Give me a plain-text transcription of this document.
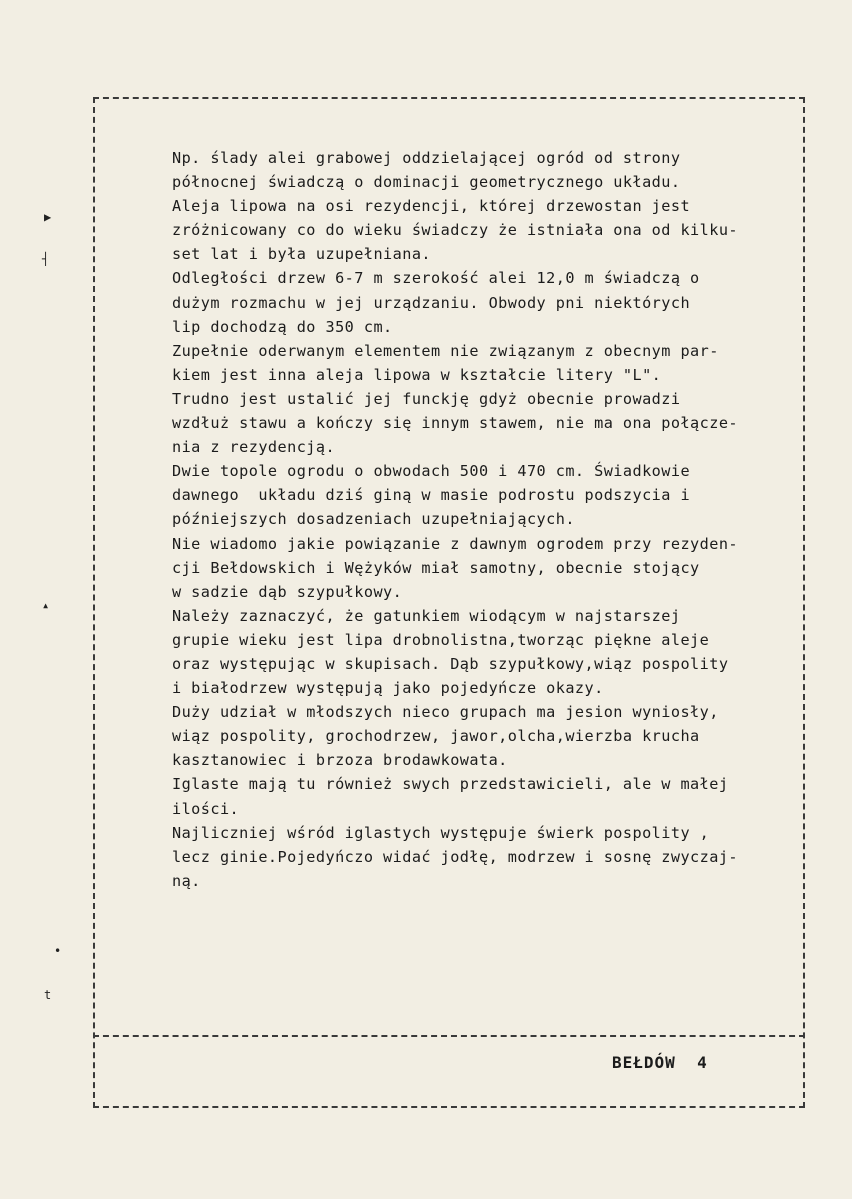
▶
┤
▴
•
t
Np. ślady alei grabowej oddzielającej ogród od strony
północnej świadczą o dominacji geometrycznego układu.
Aleja lipowa na osi rezydencji, której drzewostan jest
zróżnicowany co do wieku świadczy że istniała ona od kilku-
set lat i była uzupełniana.
Odległości drzew 6-7 m szerokość alei 12,0 m świadczą o
dużym rozmachu w jej urządzaniu. Obwody pni niektórych
lip dochodzą do 350 cm.
Zupełnie oderwanym elementem nie związanym z obecnym par-
kiem jest inna aleja lipowa w kształcie litery "L".
Trudno jest ustalić jej funckję gdyż obecnie prowadzi
wzdłuż stawu a kończy się innym stawem, nie ma ona połącze-
nia z rezydencją.
Dwie topole ogrodu o obwodach 500 i 470 cm. Świadkowie
dawnego  układu dziś giną w masie podrostu podszycia i
późniejszych dosadzeniach uzupełniających.
Nie wiadomo jakie powiązanie z dawnym ogrodem przy rezyden-
cji Bełdowskich i Wężyków miał samotny, obecnie stojący
w sadzie dąb szypułkowy.
Należy zaznaczyć, że gatunkiem wiodącym w najstarszej
grupie wieku jest lipa drobnolistna,tworząc piękne aleje
oraz występując w skupisach. Dąb szypułkowy,wiąz pospolity
i białodrzew występują jako pojedyńcze okazy.
Duży udział w młodszych nieco grupach ma jesion wyniosły,
wiąz pospolity, grochodrzew, jawor,olcha,wierzba krucha
kasztanowiec i brzoza brodawkowata.
Iglaste mają tu również swych przedstawicieli, ale w małej
ilości.
Najliczniej wśród iglastych występuje świerk pospolity ,
lecz ginie.Pojedyńczo widać jodłę, modrzew i sosnę zwyczaj-
ną.
BEŁDÓW  4
